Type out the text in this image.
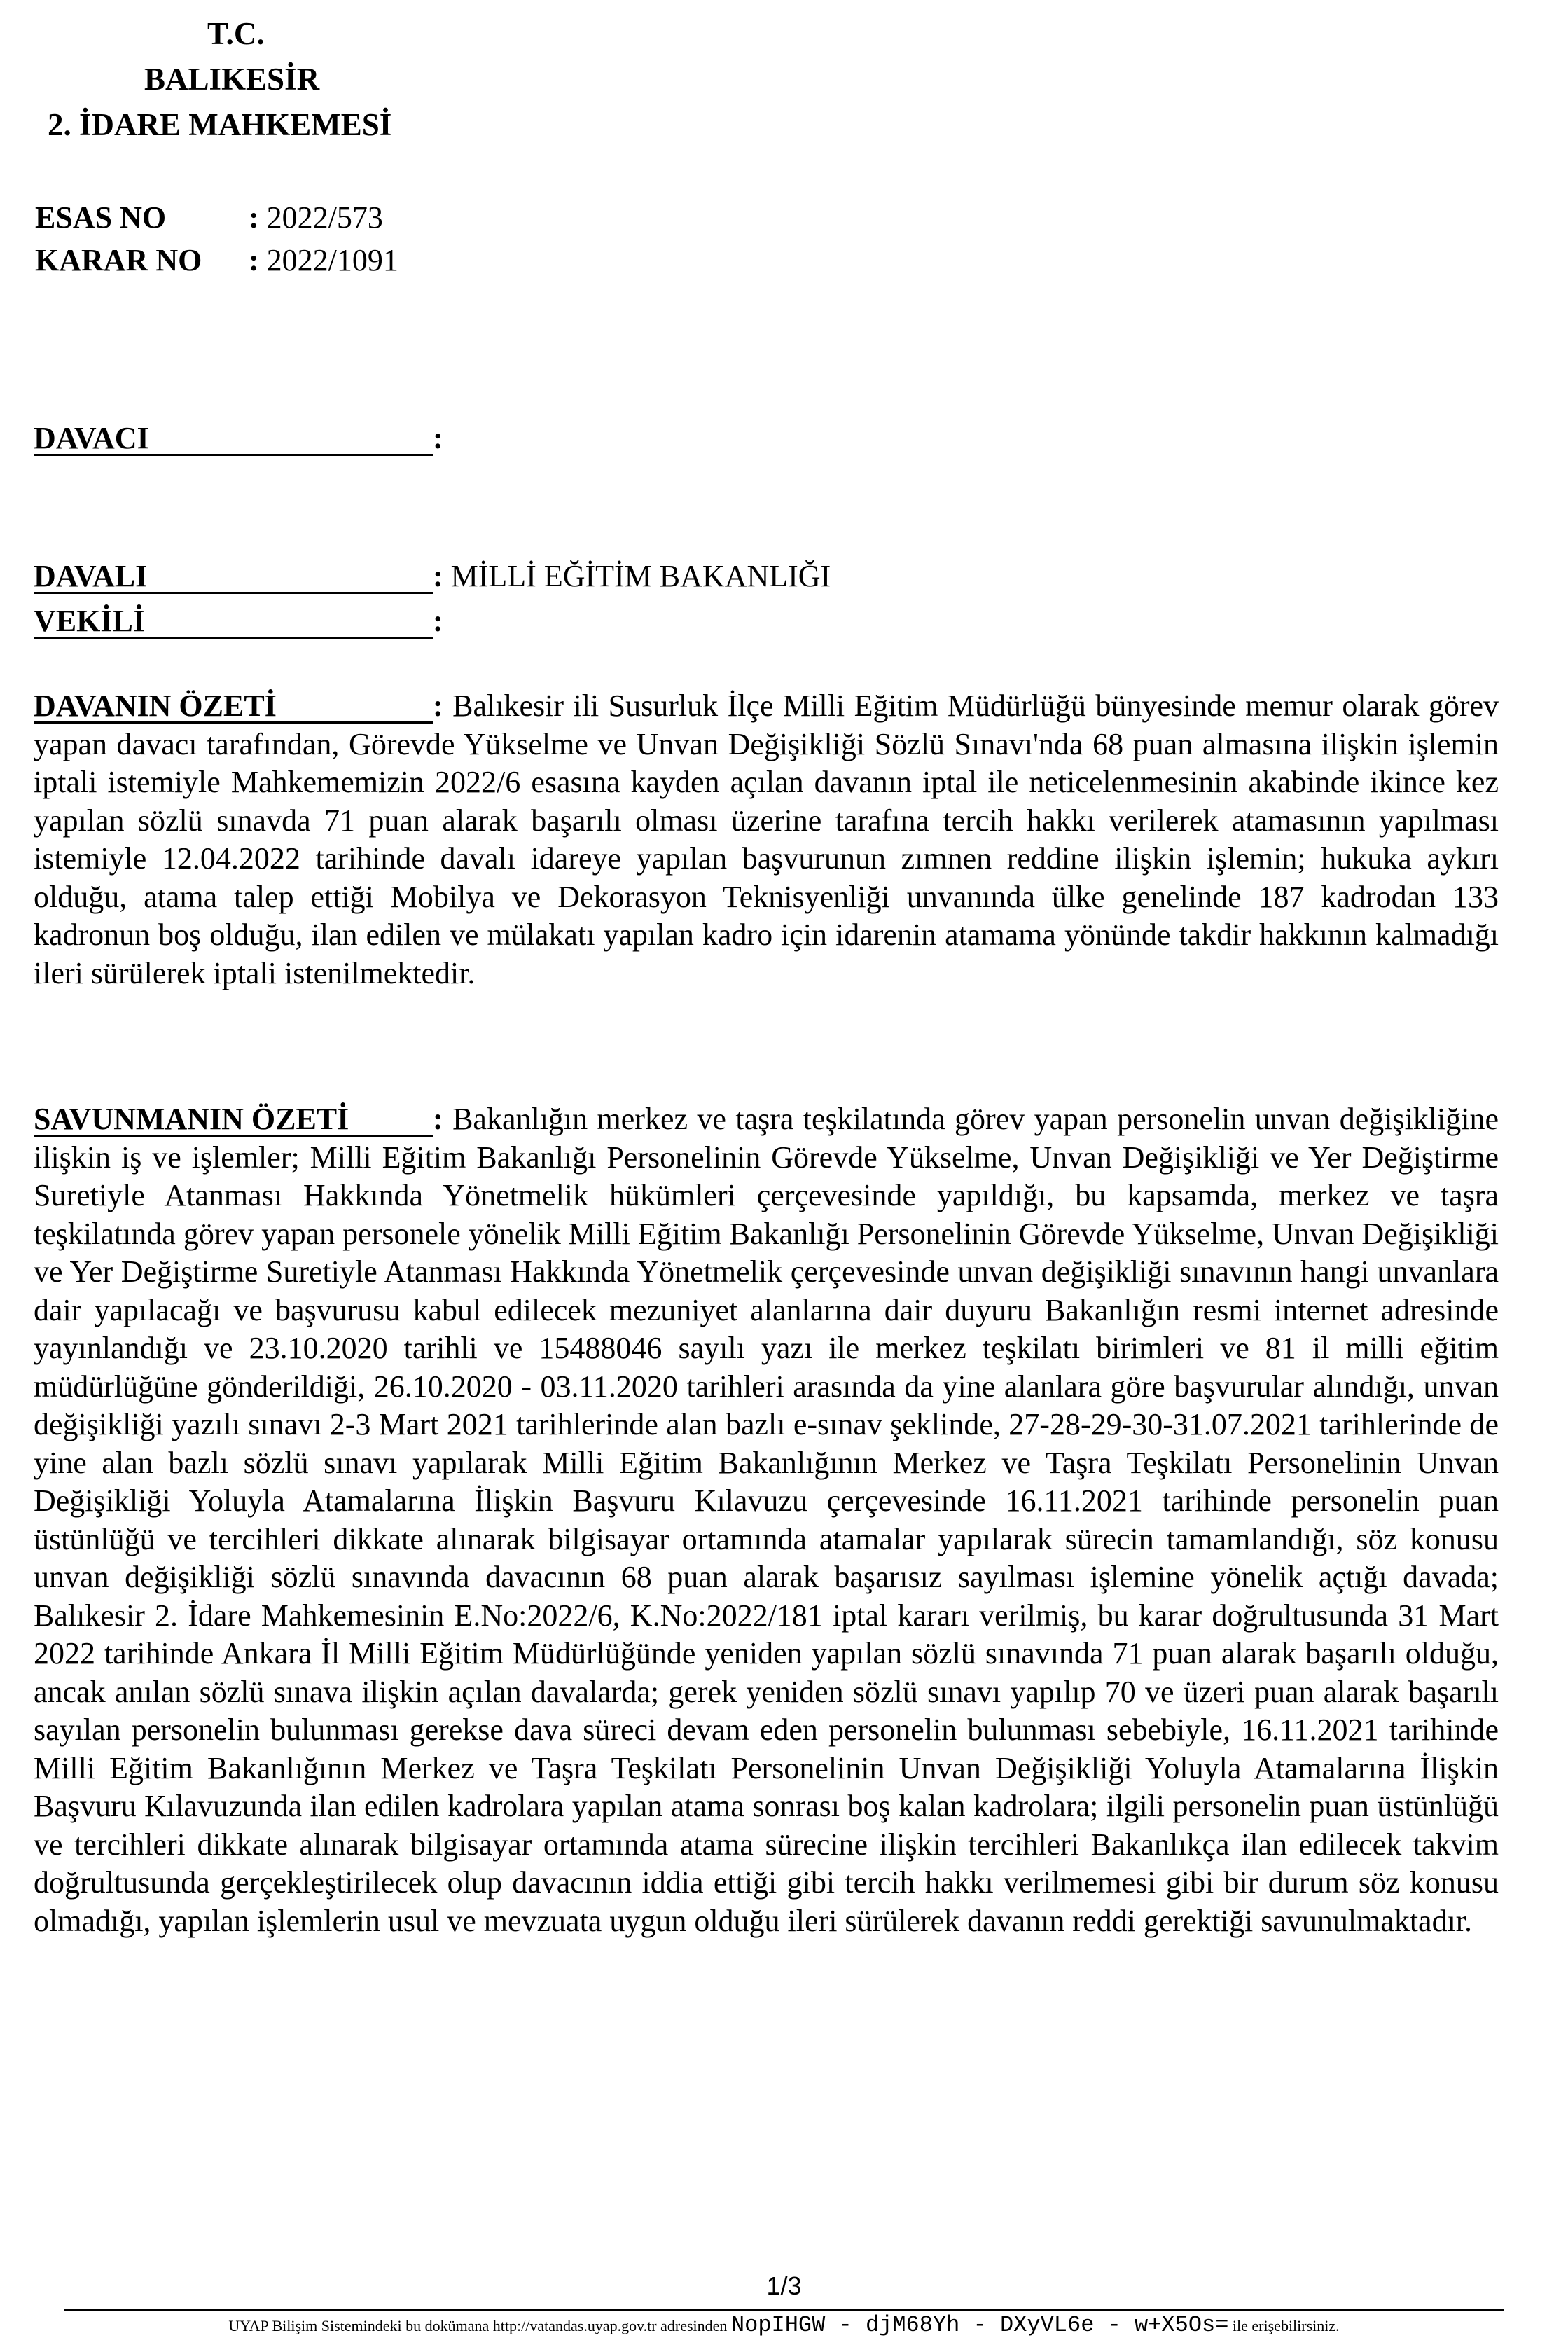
T.C.
BALIKESİR
2. İDARE MAHKEMESİ
ESAS NO	: 2022/573
KARAR NO : 2022/1091
DAVACI	:
DAVALI	: MİLLİ EĞİTİM BAKANLIĞI
VEKİLİ	:
DAVANIN ÖZETİ	: Balıkesir ili Susurluk İlçe Milli Eğitim Müdürlüğü bünyesinde memur olarak görev yapan davacı tarafından, Görevde Yükselme ve Unvan Değişikliği Sözlü Sınavı'nda 68 puan almasına ilişkin işlemin iptali istemiyle Mahkememizin 2022/6 esasına kayden açılan davanın iptal ile neticelenmesinin akabinde ikince kez yapılan sözlü sınavda 71 puan alarak başarılı olması üzerine tarafına tercih hakkı verilerek atamasının yapılması istemiyle 12.04.2022 tarihinde davalı idareye yapılan başvurunun zımnen reddine ilişkin işlemin; hukuka aykırı olduğu, atama talep ettiği Mobilya ve Dekorasyon Teknisyenliği unvanında ülke genelinde 187 kadrodan 133 kadronun boş olduğu, ilan edilen ve mülakatı yapılan kadro için idarenin atamama yönünde takdir hakkının kalmadığı ileri sürülerek iptali istenilmektedir.
SAVUNMANIN ÖZETİ	: Bakanlığın merkez ve taşra teşkilatında görev yapan personelin unvan değişikliğine ilişkin iş ve işlemler; Milli Eğitim Bakanlığı Personelinin Görevde Yükselme, Unvan Değişikliği ve Yer Değiştirme Suretiyle Atanması Hakkında Yönetmelik hükümleri çerçevesinde yapıldığı, bu kapsamda, merkez ve taşra teşkilatında görev yapan personele yönelik Milli Eğitim Bakanlığı Personelinin Görevde Yükselme, Unvan Değişikliği ve Yer Değiştirme Suretiyle Atanması Hakkında Yönetmelik çerçevesinde unvan değişikliği sınavının hangi unvanlara dair yapılacağı ve başvurusu kabul edilecek mezuniyet alanlarına dair duyuru Bakanlığın resmi internet adresinde yayınlandığı ve 23.10.2020 tarihli ve 15488046 sayılı yazı ile merkez teşkilatı birimleri ve 81 il milli eğitim müdürlüğüne gönderildiği, 26.10.2020 - 03.11.2020 tarihleri arasında da yine alanlara göre başvurular alındığı, unvan değişikliği yazılı sınavı 2-3 Mart 2021 tarihlerinde alan bazlı e-sınav şeklinde, 27-28-29-30-31.07.2021 tarihlerinde de yine alan bazlı sözlü sınavı yapılarak Milli Eğitim Bakanlığının Merkez ve Taşra Teşkilatı Personelinin Unvan Değişikliği Yoluyla Atamalarına İlişkin Başvuru Kılavuzu çerçevesinde 16.11.2021 tarihinde personelin puan üstünlüğü ve tercihleri dikkate alınarak bilgisayar ortamında atamalar yapılarak sürecin tamamlandığı, söz konusu unvan değişikliği sözlü sınavında davacının 68 puan alarak başarısız sayılması işlemine yönelik açtığı davada; Balıkesir 2. İdare Mahkemesinin E.No:2022/6, K.No:2022/181 iptal kararı verilmiş, bu karar doğrultusunda 31 Mart 2022 tarihinde Ankara İl Milli Eğitim Müdürlüğünde yeniden yapılan sözlü sınavında 71 puan alarak başarılı olduğu, ancak anılan sözlü sınava ilişkin açılan davalarda; gerek yeniden sözlü sınavı yapılıp 70 ve üzeri puan alarak başarılı sayılan personelin bulunması gerekse dava süreci devam eden personelin bulunması sebebiyle, 16.11.2021 tarihinde Milli Eğitim Bakanlığının Merkez ve Taşra Teşkilatı Personelinin Unvan Değişikliği Yoluyla Atamalarına İlişkin Başvuru Kılavuzunda ilan edilen kadrolara yapılan atama sonrası boş kalan kadrolara; ilgili personelin puan üstünlüğü ve tercihleri dikkate alınarak bilgisayar ortamında atama sürecine ilişkin tercihleri Bakanlıkça ilan edilecek takvim doğrultusunda gerçekleştirilecek olup davacının iddia ettiği gibi tercih hakkı verilmemesi gibi bir durum söz konusu olmadığı, yapılan işlemlerin usul ve mevzuata uygun olduğu ileri sürülerek davanın reddi gerektiği savunulmaktadır.
1/3
UYAP Bilişim Sistemindeki bu dokümana http://vatandas.uyap.gov.tr adresinden NopIHGW - djM68Yh - DXyVL6e - w+X5Os= ile erişebilirsiniz.
